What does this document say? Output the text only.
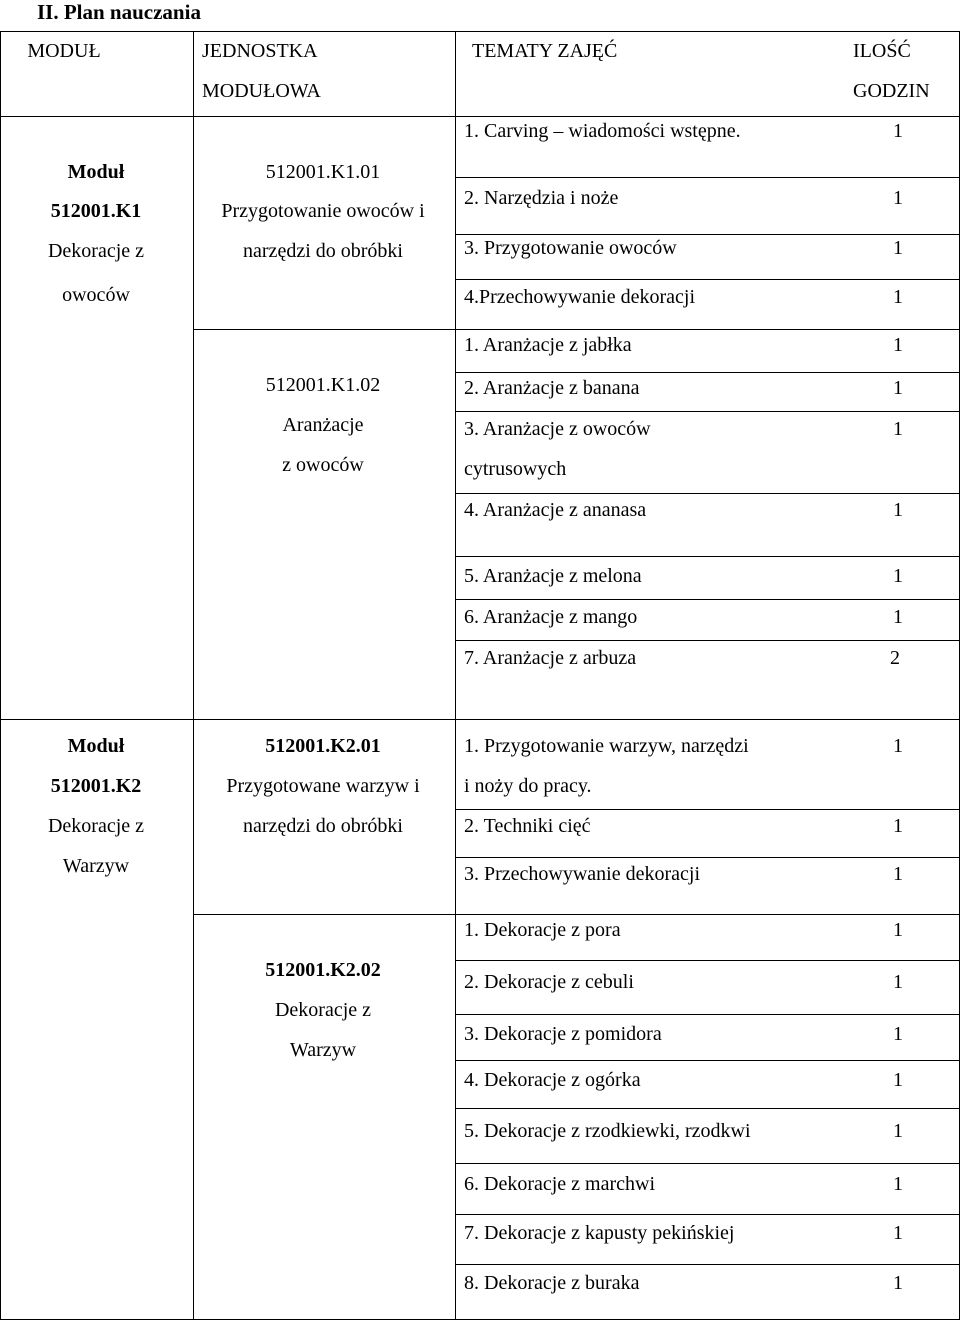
II. Plan nauczania
MODUŁ	JEDNOSTKA
MODUŁOWA
TEMATY ZAJĘĆ	ILOŚĆ
GODZIN
Moduł
512001.K1
Dekoracje z
owoców
512001.K1.01
Przygotowanie owoców i
narzędzi do obróbki
1. Carving – wiadomości wstępne.	1
2. Narzędzia i noże	1
3. Przygotowanie owoców	1
4.Przechowywanie dekoracji	1
512001.K1.02
Aranżacje
z owoców
1. Aranżacje z jabłka	1
2. Aranżacje z banana	1
3. Aranżacje z owoców
cytrusowych
1
4. Aranżacje z ananasa	1
5. Aranżacje z melona	1
6. Aranżacje z mango	1
7. Aranżacje z arbuza	2
Moduł
512001.K2
Dekoracje z
Warzyw
512001.K2.01
Przygotowane warzyw i
narzędzi do obróbki
1. Przygotowanie warzyw, narzędzi
i noży do pracy.
1
2. Techniki cięć	1
3. Przechowywanie dekoracji	1
512001.K2.02
Dekoracje z
Warzyw
1. Dekoracje z pora	1
2. Dekoracje z cebuli	1
3. Dekoracje z pomidora	1
4. Dekoracje z ogórka	1
5. Dekoracje z rzodkiewki, rzodkwi	1
6. Dekoracje z marchwi	1
7. Dekoracje z kapusty pekińskiej	1
8. Dekoracje z buraka	1
